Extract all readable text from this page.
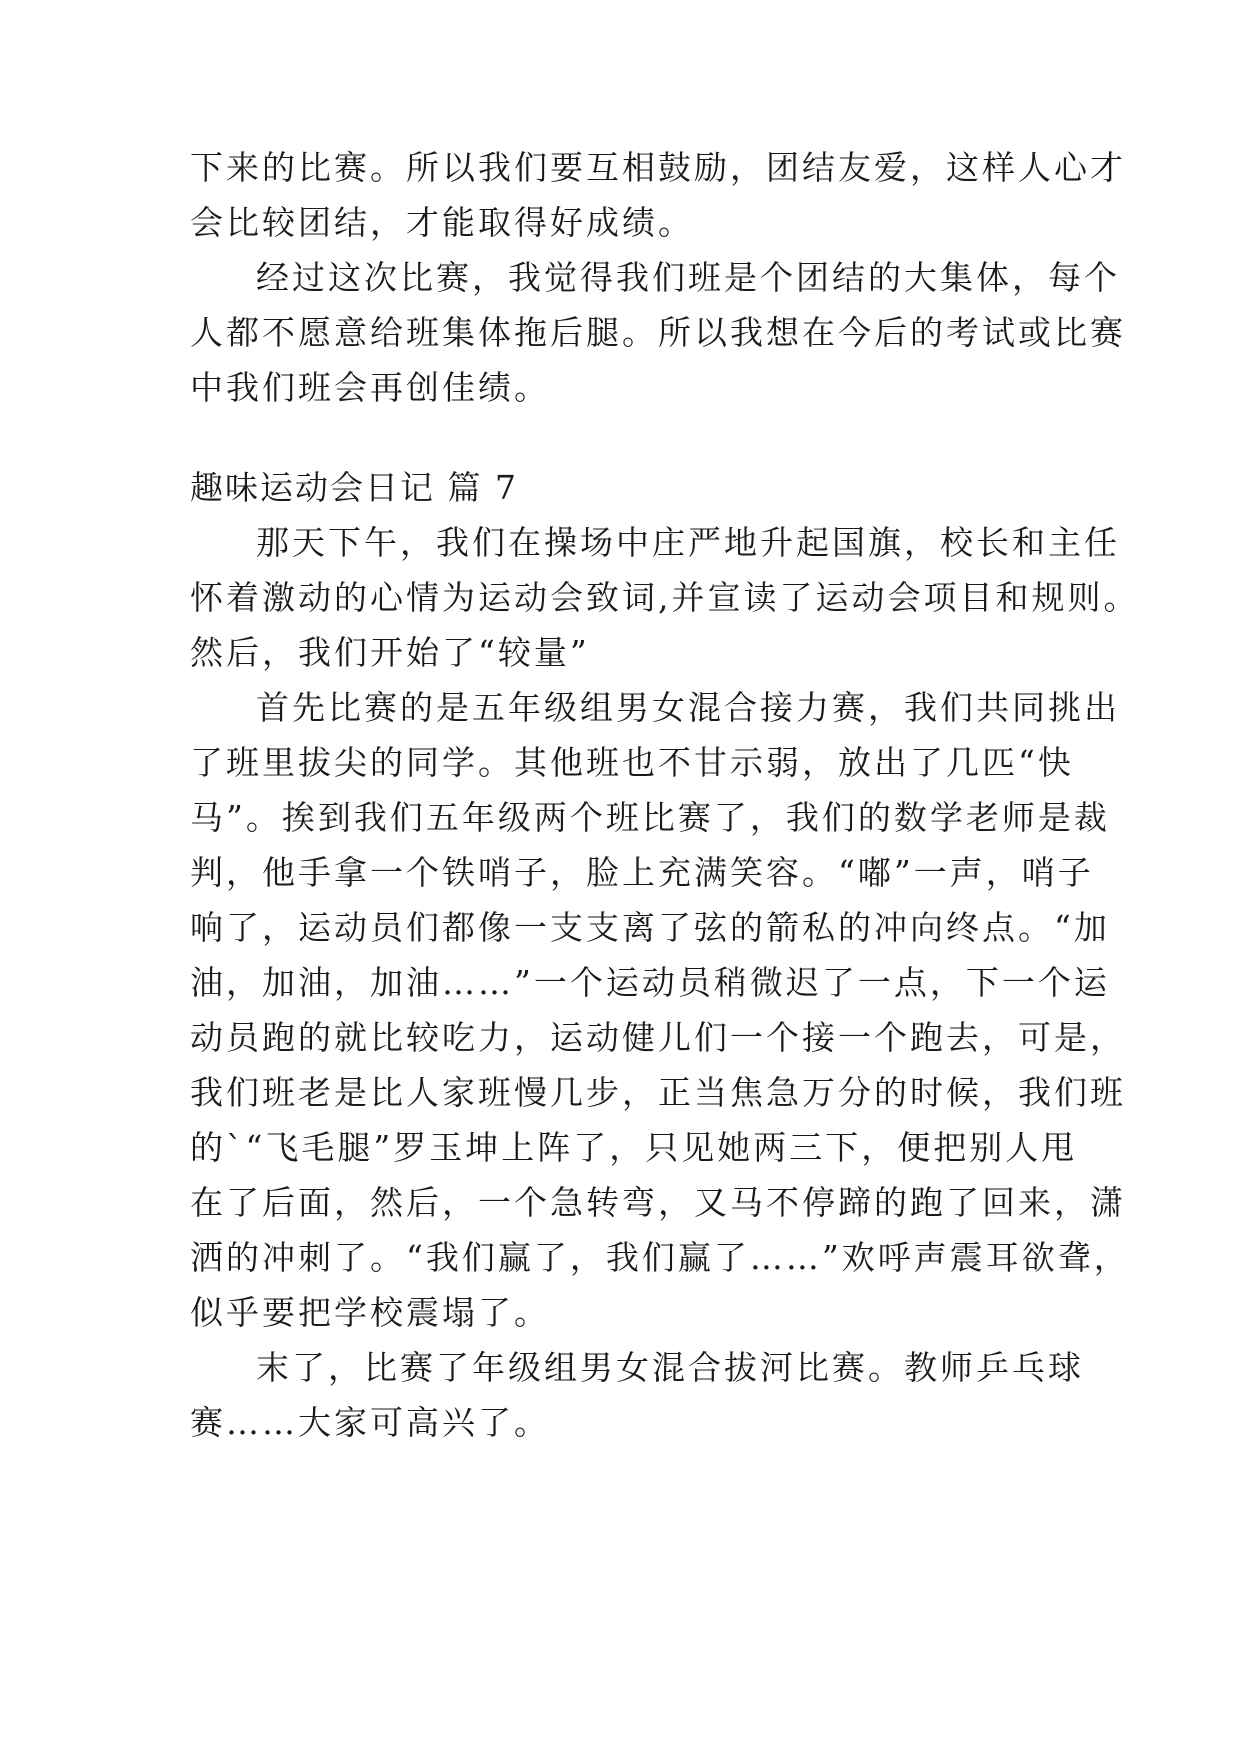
下来的比赛。所以我们要互相鼓励，团结友爱，这样人心才
会比较团结，才能取得好成绩。
经过这次比赛，我觉得我们班是个团结的大集体，每个
人都不愿意给班集体拖后腿。所以我想在今后的考试或比赛
中我们班会再创佳绩。
趣味运动会日记 篇 7
那天下午，我们在操场中庄严地升起国旗，校长和主任
怀着激动的心情为运动会致词,并宣读了运动会项目和规则。
然后，我们开始了“较量”
首先比赛的是五年级组男女混合接力赛，我们共同挑出
了班里拔尖的同学。其他班也不甘示弱，放出了几匹“快
马”。挨到我们五年级两个班比赛了，我们的数学老师是裁
判，他手拿一个铁哨子，脸上充满笑容。“嘟”一声，哨子
响了，运动员们都像一支支离了弦的箭私的冲向终点。“加
油，加油，加油……”一个运动员稍微迟了一点，下一个运
动员跑的就比较吃力，运动健儿们一个接一个跑去，可是，
我们班老是比人家班慢几步，正当焦急万分的时候，我们班
的`“飞毛腿”罗玉坤上阵了，只见她两三下，便把别人甩
在了后面，然后，一个急转弯，又马不停蹄的跑了回来，潇
洒的冲刺了。“我们赢了，我们赢了……”欢呼声震耳欲聋，
似乎要把学校震塌了。
末了，比赛了年级组男女混合拔河比赛。教师乒乓球
赛……大家可高兴了。
